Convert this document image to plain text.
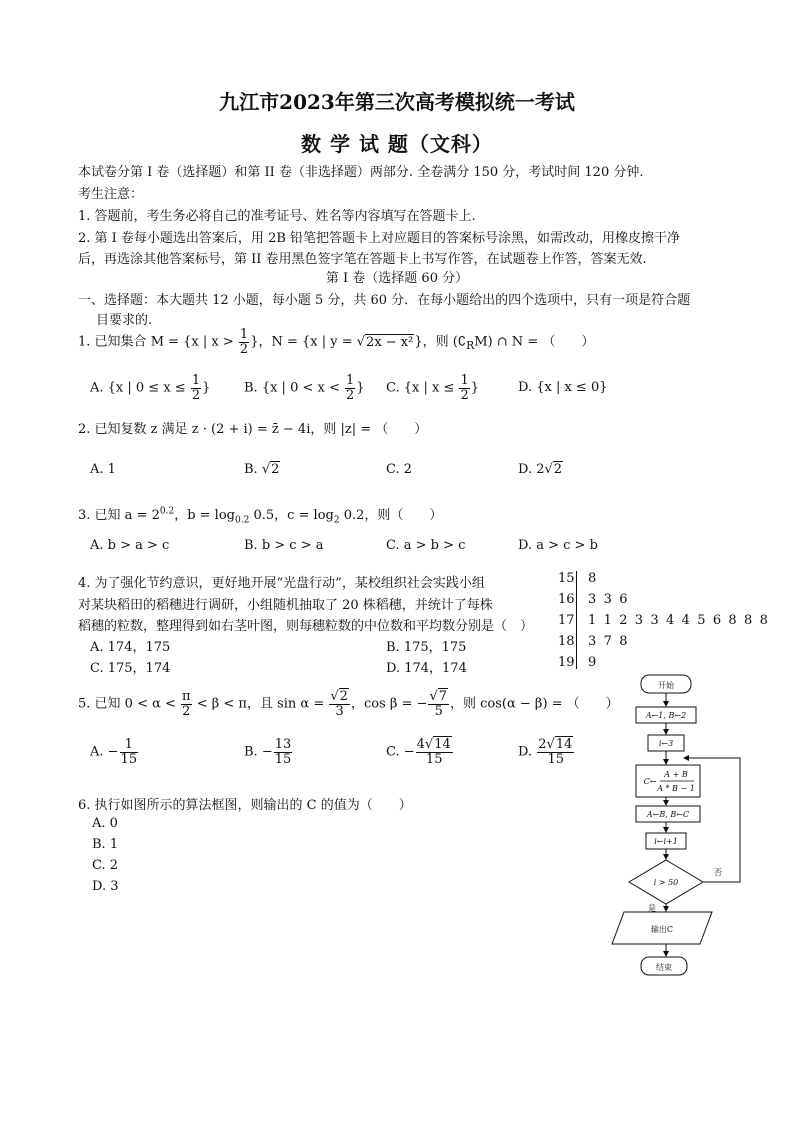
九江市2023年第三次高考模拟统一考试
数 学 试 题（文科）
本试卷分第 I 卷（选择题）和第 II 卷（非选择题）两部分. 全卷满分 150 分，考试时间 120 分钟.
考生注意：
1. 答题前，考生务必将自己的准考证号、姓名等内容填写在答题卡上.
2. 第 I 卷每小题选出答案后，用 2B 铅笔把答题卡上对应题目的答案标号涂黑，如需改动，用橡皮擦干净
后，再选涂其他答案标号，第 II 卷用黑色签字笔在答题卡上书写作答，在试题卷上作答，答案无效.
第 I 卷（选择题 60 分）
一、选择题：本大题共 12 小题，每小题 5 分，共 60 分．在每小题给出的四个选项中，只有一项是符合题
目要求的.
1. 已知集合 M = {x | $x > \frac{1}{2}$ }，N = {x | y = √2x − x²}，则 $(∁_RM)$ ∩ N = （　　）
A. {x | $0 \le x \le \frac{1}{2}$ }	B. {x | $0 < x < \frac{1}{2}$ } C. {x | $x \le \frac{1}{2}$ }	D. {x | x ≤ 0}
2. 已知复数 z 满足 z · (2 + i) = z̄ − 4i，则 |z| = （　　）
A. 1	B. √2	C. 2	D. 2√2
3. 已知 $a = 2^{0.2}$，$b = \log_{0.2} 0.5$，$c = \log_2 0.2$，则（　　）
A. b > a > c	B. b > c > a	C. a > b > c	D. a > c > b
4. 为了强化节约意识，更好地开展“光盘行动”，某校组织社会实践小组
对某块稻田的稻穗进行调研，小组随机抽取了 20 株稻穗，并统计了每株
稻穗的粒数，整理得到如右茎叶图，则每穗粒数的中位数和平均数分别是（　）
A. 174，175	B. 175，175
C. 175，174	D. 174，174
15 8
16 3 3 6
17 1 1 2 3 3 4 4 5 6 8 8 8
18 3 7 8
19 9
5. 已知 $0 < \alpha < \frac{\pi}{2} < \beta < \pi$，且 $\sin \alpha = \frac{√2}{3}$ ，cos β = − $\frac{√7}{5}$ ，则 cos(α − β) = （　　）
A. − $\frac{1}{15}$	B. − $\frac{13}{15}$	C. − $\frac{4√14}{15}$	D. $\frac{2√14}{15}$
6. 执行如图所示的算法框图，则输出的 C 的值为（　　）
A. 0
B. 1
C. 2
D. 3
开始
A←1, B←2
i←3
C←
A + B
A * B − 1
A←B, B←C
i←i+1
i > 50
否
是
输出C
结束
